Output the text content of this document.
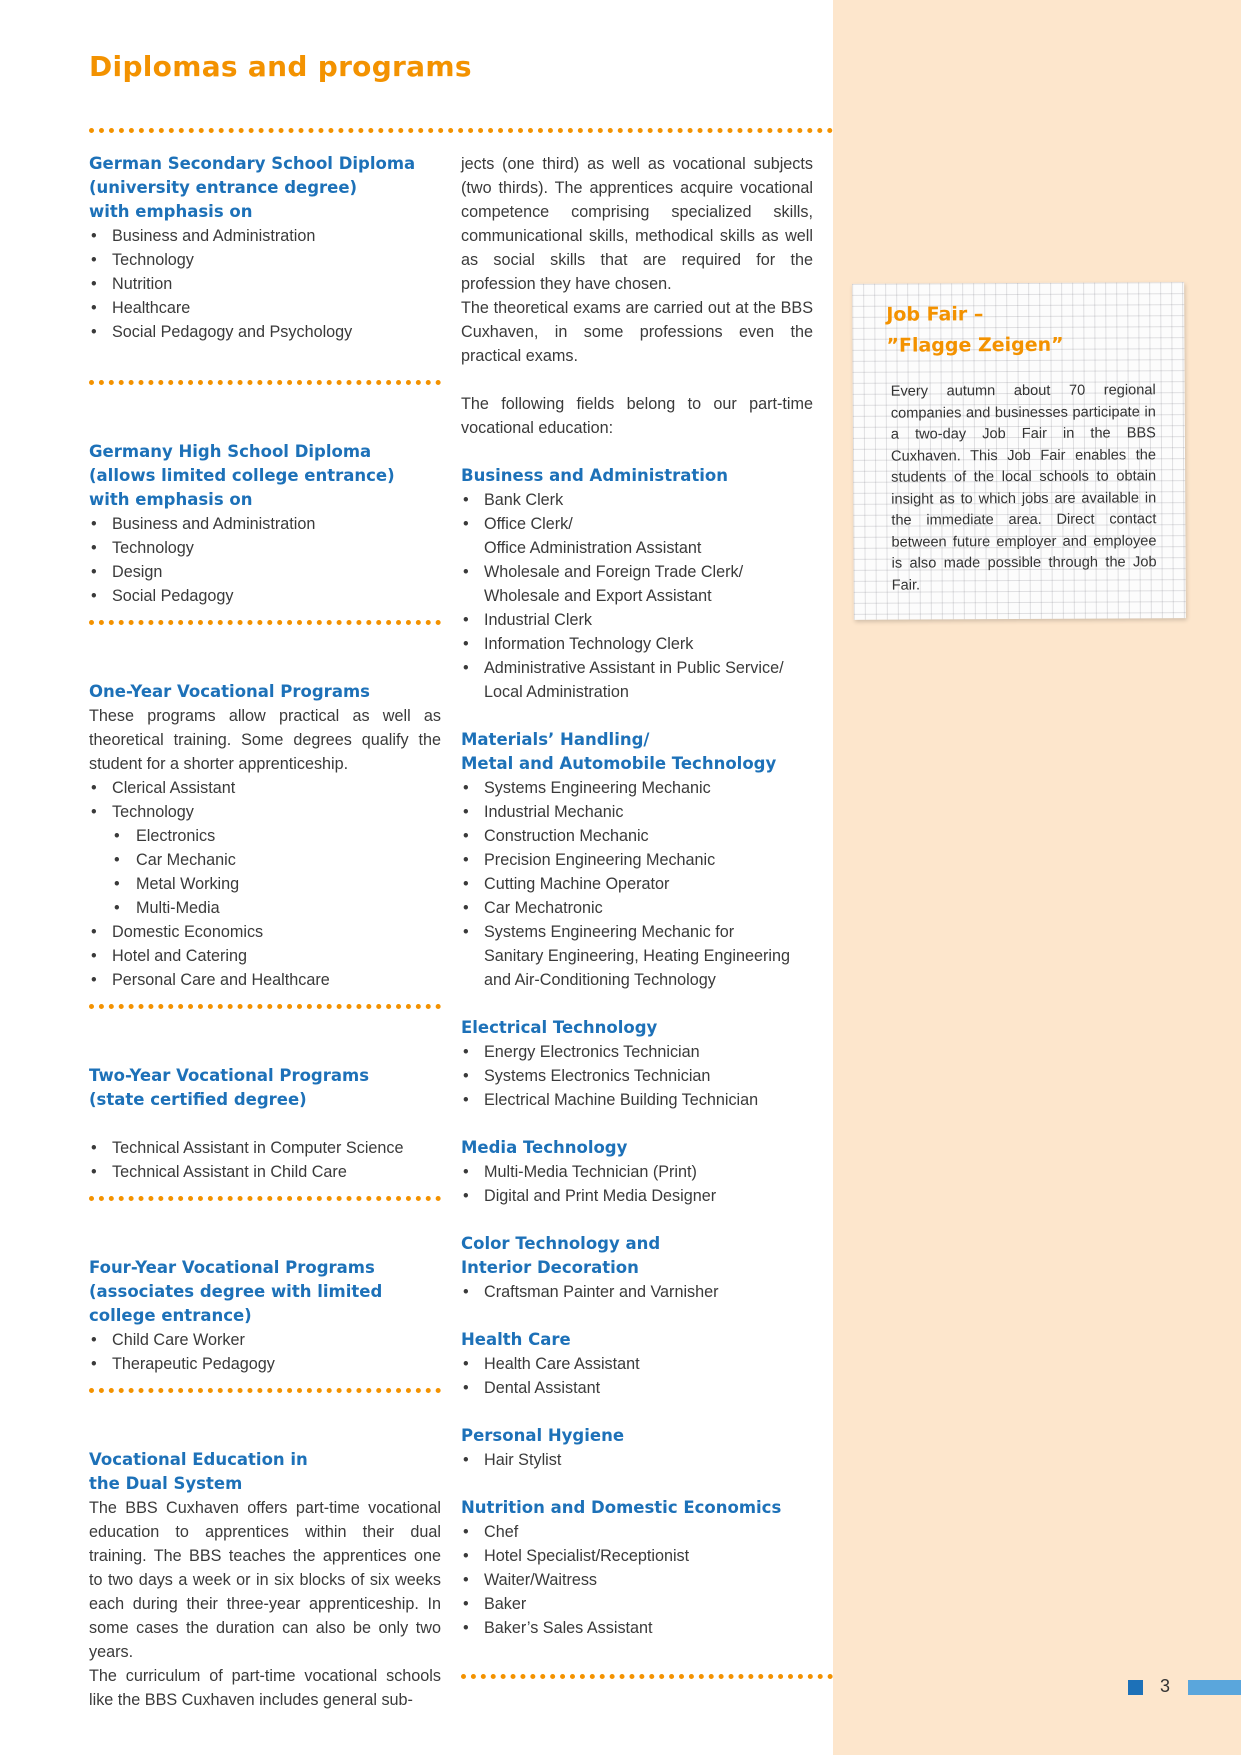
Diplomas and programs
German Secondary School Diploma
(university entrance degree)
with emphasis on
• Business and Administration
• Technology
• Nutrition
• Healthcare
• Social Pedagogy and Psychology
Germany High School Diploma
(allows limited college entrance)
with emphasis on
• Business and Administration
• Technology
• Design
• Social Pedagogy
One-Year Vocational Programs

These programs allow practical as well as theoretical training. Some degrees qualify the student for a shorter apprenticeship.

• Clerical Assistant
• Technology
• Electronics
• Car Mechanic
• Metal Working
• Multi-Media
• Domestic Economics
• Hotel and Catering
• Personal Care and Healthcare
Two-Year Vocational Programs
(state certified degree)
• Technical Assistant in Computer Science
• Technical Assistant in Child Care
Four-Year Vocational Programs
(associates degree with limited
college entrance)
• Child Care Worker
• Therapeutic Pedagogy
Vocational Education in
the Dual System

The BBS Cuxhaven offers part-time vocational education to apprentices within their dual training. The BBS teaches the apprentices one to two days a week or in six blocks of six weeks each during their three-year apprenticeship. In some cases the duration can also be only two years.

The curriculum of part-time vocational schools like the BBS Cuxhaven includes general sub-

jects (one third) as well as vocational subjects (two thirds). The apprentices acquire vocational competence comprising specialized skills, communicational skills, methodical skills as well as social skills that are required for the profession they have chosen.

The theoretical exams are carried out at the BBS Cuxhaven, in some professions even the practical exams.

The following fields belong to our part-time vocational education:

Business and Administration
• Bank Clerk
• Office Clerk/
Office Administration Assistant
• Wholesale and Foreign Trade Clerk/
Wholesale and Export Assistant
• Industrial Clerk
• Information Technology Clerk
• Administrative Assistant in Public Service/
Local Administration
Materials’ Handling/
Metal and Automobile Technology
• Systems Engineering Mechanic
• Industrial Mechanic
• Construction Mechanic
• Precision Engineering Mechanic
• Cutting Machine Operator
• Car Mechatronic
• Systems Engineering Mechanic for
Sanitary Engineering, Heating Engineering
and Air-Conditioning Technology
Electrical Technology
• Energy Electronics Technician
• Systems Electronics Technician
• Electrical Machine Building Technician
Media Technology
• Multi-Media Technician (Print)
• Digital and Print Media Designer
Color Technology and
Interior Decoration
• Craftsman Painter and Varnisher
Health Care
• Health Care Assistant
• Dental Assistant
Personal Hygiene
• Hair Stylist
Nutrition and Domestic Economics
• Chef
• Hotel Specialist/Receptionist
• Waiter/Waitress
• Baker
• Baker’s Sales Assistant
Job Fair –
”Flagge Zeigen”
Every autumn about 70 regional companies and businesses participate in a two-day Job Fair in the BBS Cuxhaven. This Job Fair enables the students of the local schools to obtain insight as to which jobs are available in the immediate area. Direct contact between future employer and employee is also made possible through the Job Fair.
3
